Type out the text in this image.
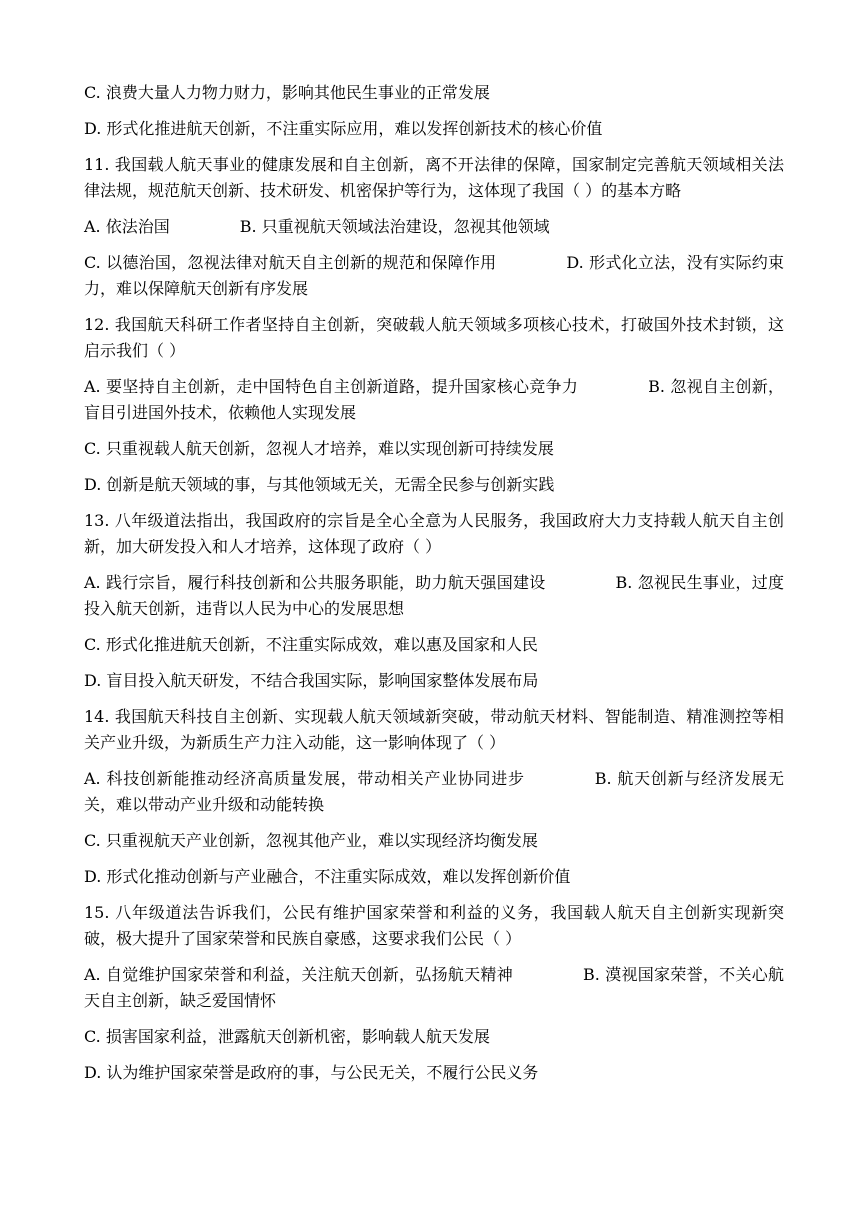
C. 浪费大量人力物力财力，影响其他民生事业的正常发展

D. 形式化推进航天创新，不注重实际应用，难以发挥创新技术的核心价值

11. 我国载人航天事业的健康发展和自主创新，离不开法律的保障，国家制定完善航天领域相关法律法规，规范航天创新、技术研发、机密保护等行为，这体现了我国（ ）的基本方略

A. 依法治国	B. 只重视航天领域法治建设，忽视其他领域

C. 以德治国，忽视法律对航天自主创新的规范和保障作用	D. 形式化立法，没有实际约束力，难以保障航天创新有序发展

12. 我国航天科研工作者坚持自主创新，突破载人航天领域多项核心技术，打破国外技术封锁，这启示我们（ ）

A. 要坚持自主创新，走中国特色自主创新道路，提升国家核心竞争力	B. 忽视自主创新，盲目引进国外技术，依赖他人实现发展

C. 只重视载人航天创新，忽视人才培养，难以实现创新可持续发展

D. 创新是航天领域的事，与其他领域无关，无需全民参与创新实践

13. 八年级道法指出，我国政府的宗旨是全心全意为人民服务，我国政府大力支持载人航天自主创新，加大研发投入和人才培养，这体现了政府（ ）

A. 践行宗旨，履行科技创新和公共服务职能，助力航天强国建设	B. 忽视民生事业，过度投入航天创新，违背以人民为中心的发展思想

C. 形式化推进航天创新，不注重实际成效，难以惠及国家和人民

D. 盲目投入航天研发，不结合我国实际，影响国家整体发展布局

14. 我国航天科技自主创新、实现载人航天领域新突破，带动航天材料、智能制造、精准测控等相关产业升级，为新质生产力注入动能，这一影响体现了（ ）

A. 科技创新能推动经济高质量发展，带动相关产业协同进步	B. 航天创新与经济发展无关，难以带动产业升级和动能转换

C. 只重视航天产业创新，忽视其他产业，难以实现经济均衡发展

D. 形式化推动创新与产业融合，不注重实际成效，难以发挥创新价值

15. 八年级道法告诉我们，公民有维护国家荣誉和利益的义务，我国载人航天自主创新实现新突破，极大提升了国家荣誉和民族自豪感，这要求我们公民（ ）

A. 自觉维护国家荣誉和利益，关注航天创新，弘扬航天精神	B. 漠视国家荣誉，不关心航天自主创新，缺乏爱国情怀

C. 损害国家利益，泄露航天创新机密，影响载人航天发展

D. 认为维护国家荣誉是政府的事，与公民无关，不履行公民义务
